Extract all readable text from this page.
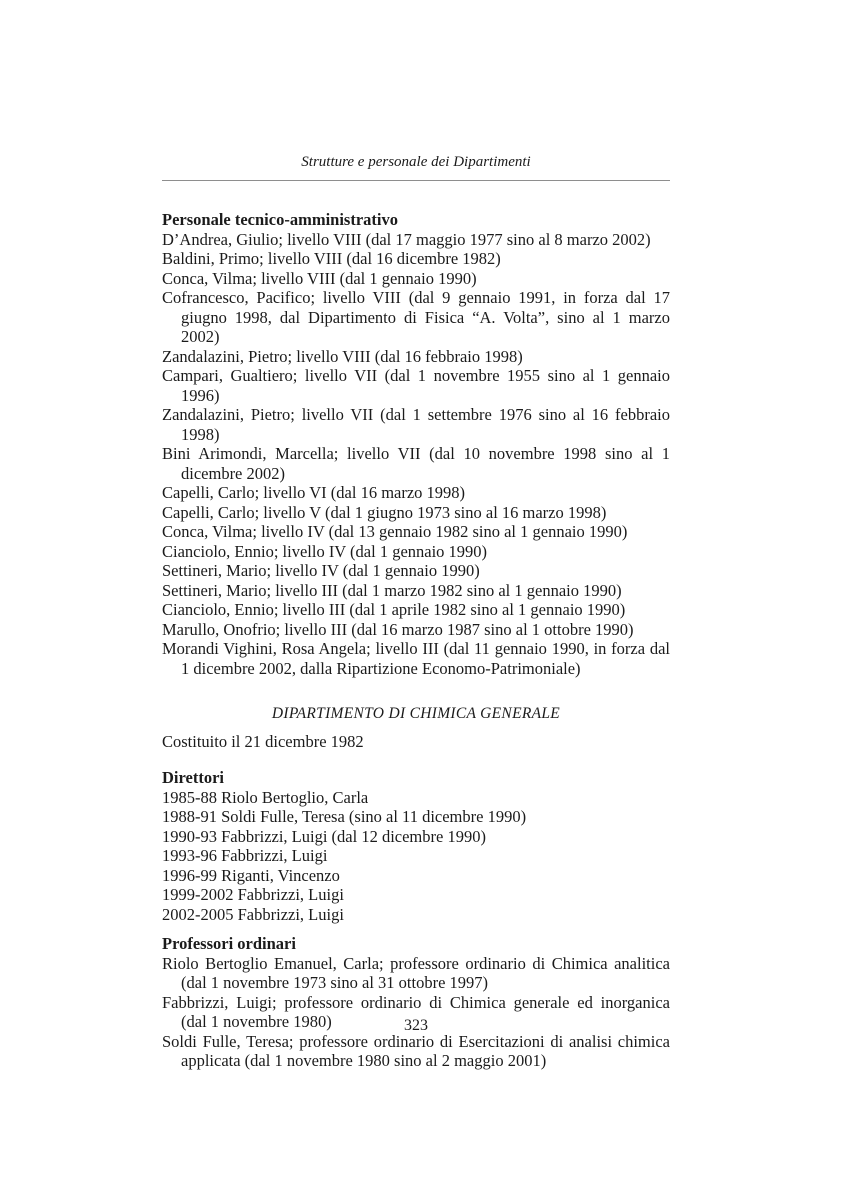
Strutture e personale dei Dipartimenti
Personale tecnico-amministrativo
D’Andrea, Giulio; livello VIII (dal 17 maggio 1977 sino al 8 marzo 2002)
Baldini, Primo; livello VIII (dal 16 dicembre 1982)
Conca, Vilma; livello VIII (dal 1 gennaio 1990)
Cofrancesco, Pacifico; livello VIII (dal 9 gennaio 1991, in forza dal 17 giugno 1998, dal Dipartimento di Fisica “A. Volta”, sino al 1 marzo 2002)
Zandalazini, Pietro; livello VIII (dal 16 febbraio 1998)
Campari, Gualtiero; livello VII (dal 1 novembre 1955 sino al 1 gennaio 1996)
Zandalazini, Pietro; livello VII (dal 1 settembre 1976 sino al 16 febbraio 1998)
Bini Arimondi, Marcella; livello VII (dal 10 novembre 1998 sino al 1 dicembre 2002)
Capelli, Carlo; livello VI (dal 16 marzo 1998)
Capelli, Carlo; livello V (dal 1 giugno 1973 sino al 16 marzo 1998)
Conca, Vilma; livello IV (dal 13 gennaio 1982 sino al 1 gennaio 1990)
Cianciolo, Ennio; livello IV (dal 1 gennaio 1990)
Settineri, Mario; livello IV (dal 1 gennaio 1990)
Settineri, Mario; livello III (dal 1 marzo 1982 sino al 1 gennaio 1990)
Cianciolo, Ennio; livello III (dal 1 aprile 1982 sino al 1 gennaio 1990)
Marullo, Onofrio; livello III (dal 16 marzo 1987 sino al 1 ottobre 1990)
Morandi Vighini, Rosa Angela; livello III (dal 11 gennaio 1990, in forza dal 1 dicembre 2002, dalla Ripartizione Economo-Patrimoniale)
DIPARTIMENTO DI CHIMICA GENERALE
Costituito il 21 dicembre 1982
Direttori
1985-88 Riolo Bertoglio, Carla
1988-91 Soldi Fulle, Teresa (sino al 11 dicembre 1990)
1990-93 Fabbrizzi, Luigi (dal 12 dicembre 1990)
1993-96 Fabbrizzi, Luigi
1996-99 Riganti, Vincenzo
1999-2002 Fabbrizzi, Luigi
2002-2005 Fabbrizzi, Luigi
Professori ordinari
Riolo Bertoglio Emanuel, Carla; professore ordinario di Chimica analitica (dal 1 novembre 1973 sino al 31 ottobre 1997)
Fabbrizzi, Luigi; professore ordinario di Chimica generale ed inorganica (dal 1 novembre 1980)
Soldi Fulle, Teresa; professore ordinario di Esercitazioni di analisi chimica applicata (dal 1 novembre 1980 sino al 2 maggio 2001)
323
